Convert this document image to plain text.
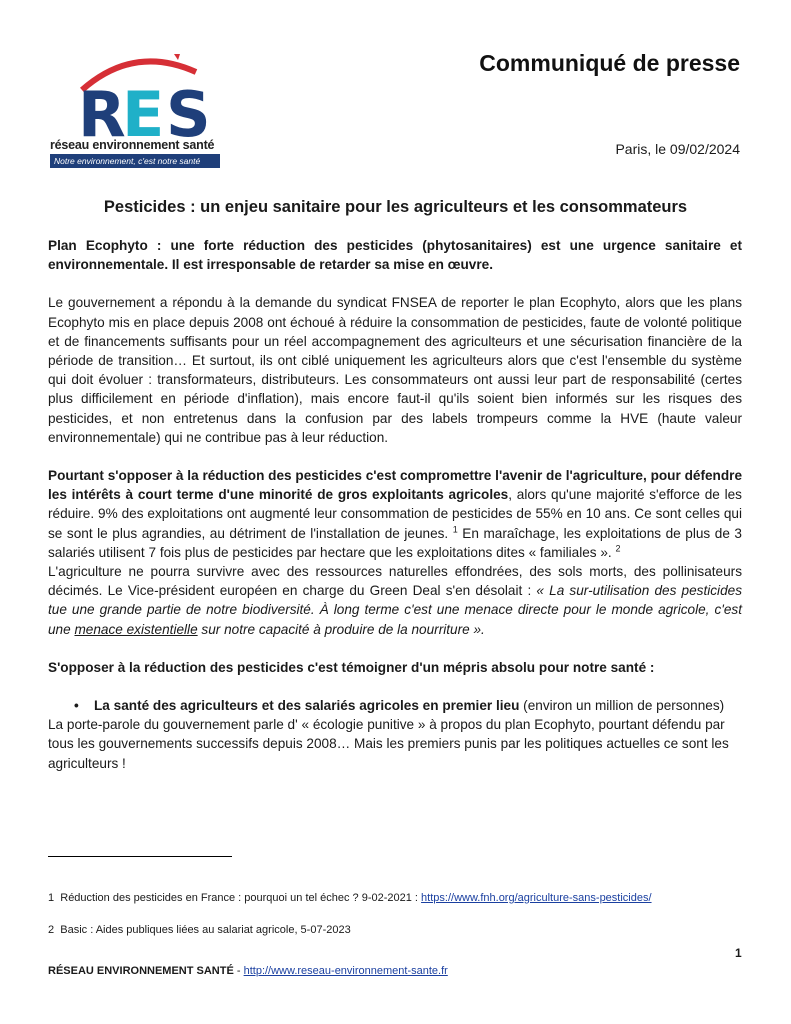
R
E S
réseau environnement santé
Notre environnement, c'est notre santé
Communiqué de presse
Paris, le 09/02/2024
Pesticides : un enjeu sanitaire pour les agriculteurs et les consommateurs

Plan Ecophyto : une forte réduction des pesticides (phytosanitaires) est une urgence sanitaire et environnementale. Il est irresponsable de retarder sa mise en œuvre.

Le gouvernement a répondu à la demande du syndicat FNSEA de reporter le plan Ecophyto, alors que les plans Ecophyto mis en place depuis 2008 ont échoué à réduire la consommation de pesticides, faute de volonté politique et de financements suffisants pour un réel accompagnement des agriculteurs et une sécurisation financière de la période de transition… Et surtout, ils ont ciblé uniquement les agriculteurs alors que c'est l'ensemble du système qui doit évoluer : transformateurs, distributeurs. Les consommateurs ont aussi leur part de responsabilité (certes plus difficilement en période d'inflation), mais encore faut-il qu'ils soient bien informés sur les risques des pesticides, et non entretenus dans la confusion par des labels trompeurs comme la HVE (haute valeur environnementale) qui ne contribue pas à leur réduction.

Pourtant s'opposer à la réduction des pesticides c'est compromettre l'avenir de l'agriculture, pour défendre les intérêts à court terme d'une minorité de gros exploitants agricoles, alors qu'une majorité s'efforce de les réduire. 9% des exploitations ont augmenté leur consommation de pesticides de 55% en 10 ans. Ce sont celles qui se sont le plus agrandies, au détriment de l'installation de jeunes. $^1$ En maraîchage, les exploitations de plus de 3 salariés utilisent 7 fois plus de pesticides par hectare que les exploitations dites « familiales ». $^2$

L'agriculture ne pourra survivre avec des ressources naturelles effondrées, des sols morts, des pollinisateurs décimés. Le Vice-président européen en charge du Green Deal s'en désolait : « La sur-utilisation des pesticides tue une grande partie de notre biodiversité. À long terme c'est une menace directe pour le monde agricole, c'est une menace existentielle sur notre capacité à produire de la nourriture ».

S'opposer à la réduction des pesticides c'est témoigner d'un mépris absolu pour notre santé :

•	La santé des agriculteurs et des salariés agricoles en premier lieu (environ un million de personnes)

La porte-parole du gouvernement parle d' « écologie punitive » à propos du plan Ecophyto, pourtant défendu par tous les gouvernements successifs depuis 2008… Mais les premiers punis par les politiques actuelles ce sont les agriculteurs !

1 Réduction des pesticides en France : pourquoi un tel échec ? 9-02-2021 : https://www.fnh.org/agriculture-sans-pesticides/
2 Basic : Aides publiques liées au salariat agricole, 5-07-2023
1
RÉSEAU ENVIRONNEMENT SANTÉ - http://www.reseau-environnement-sante.fr
